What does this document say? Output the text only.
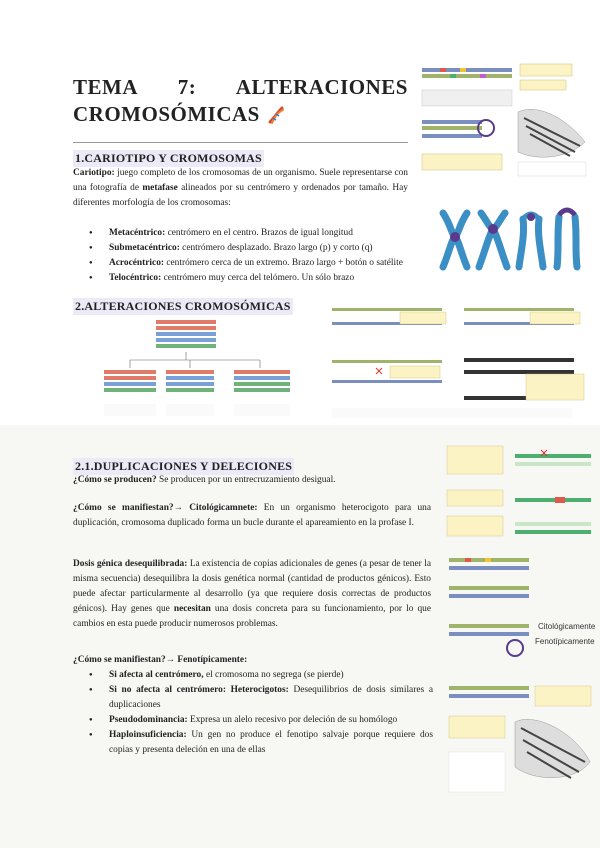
TEMA 7: ALTERACIONES
CROMOSÓMICAS
1.CARIOTIPO Y CROMOSOMAS
Cariotipo: juego completo de los cromosomas de un organismo. Suele representarse con una fotografía de metafase alineados por su centrómero y ordenados por tamaño. Hay diferentes morfología de los cromosomas:
● Metacéntrico: centrómero en el centro. Brazos de igual longitud
● Submetacéntrico: centrómero desplazado. Brazo largo (p) y corto (q)
● Acrocéntrico: centrómero cerca de un extremo. Brazo largo + botón o satélite
● Telocéntrico: centrómero muy cerca del telómero. Un sólo brazo
2.ALTERACIONES CROMOSÓMICAS
2.1.DUPLICACIONES Y DELECIONES
¿Cómo se producen? Se producen por un entrecruzamiento desigual.
¿Cómo se manifiestan?→ Citológicamnete: En un organismo heterocigoto para una duplicación, cromosoma duplicado forma un bucle durante el apareamiento en la profase I.
Dosis génica desequilibrada: La existencia de copias adicionales de genes (a pesar de tener la misma secuencia) desequilibra la dosis genética normal (cantidad de productos génicos). Esto puede afectar particularmente al desarrollo (ya que requiere dosis correctas de productos génicos). Hay genes que necesitan una dosis concreta para su funcionamiento, por lo que cambios en esta puede producir numerosos problemas.
¿Cómo se manifiestan?→ Fenotípicamente:
● Si afecta al centrómero, el cromosoma no segrega (se pierde)
● Si no afecta al centrómero: Heterocigotos: Desequilibrios de dosis similares a duplicaciones
● Pseudodominancia: Expresa un alelo recesivo por deleción de su homólogo
● Haploinsuficiencia: Un gen no produce el fenotipo salvaje porque requiere dos copias y presenta deleción en una de ellas
Citológicamente
Fenotípicamente
